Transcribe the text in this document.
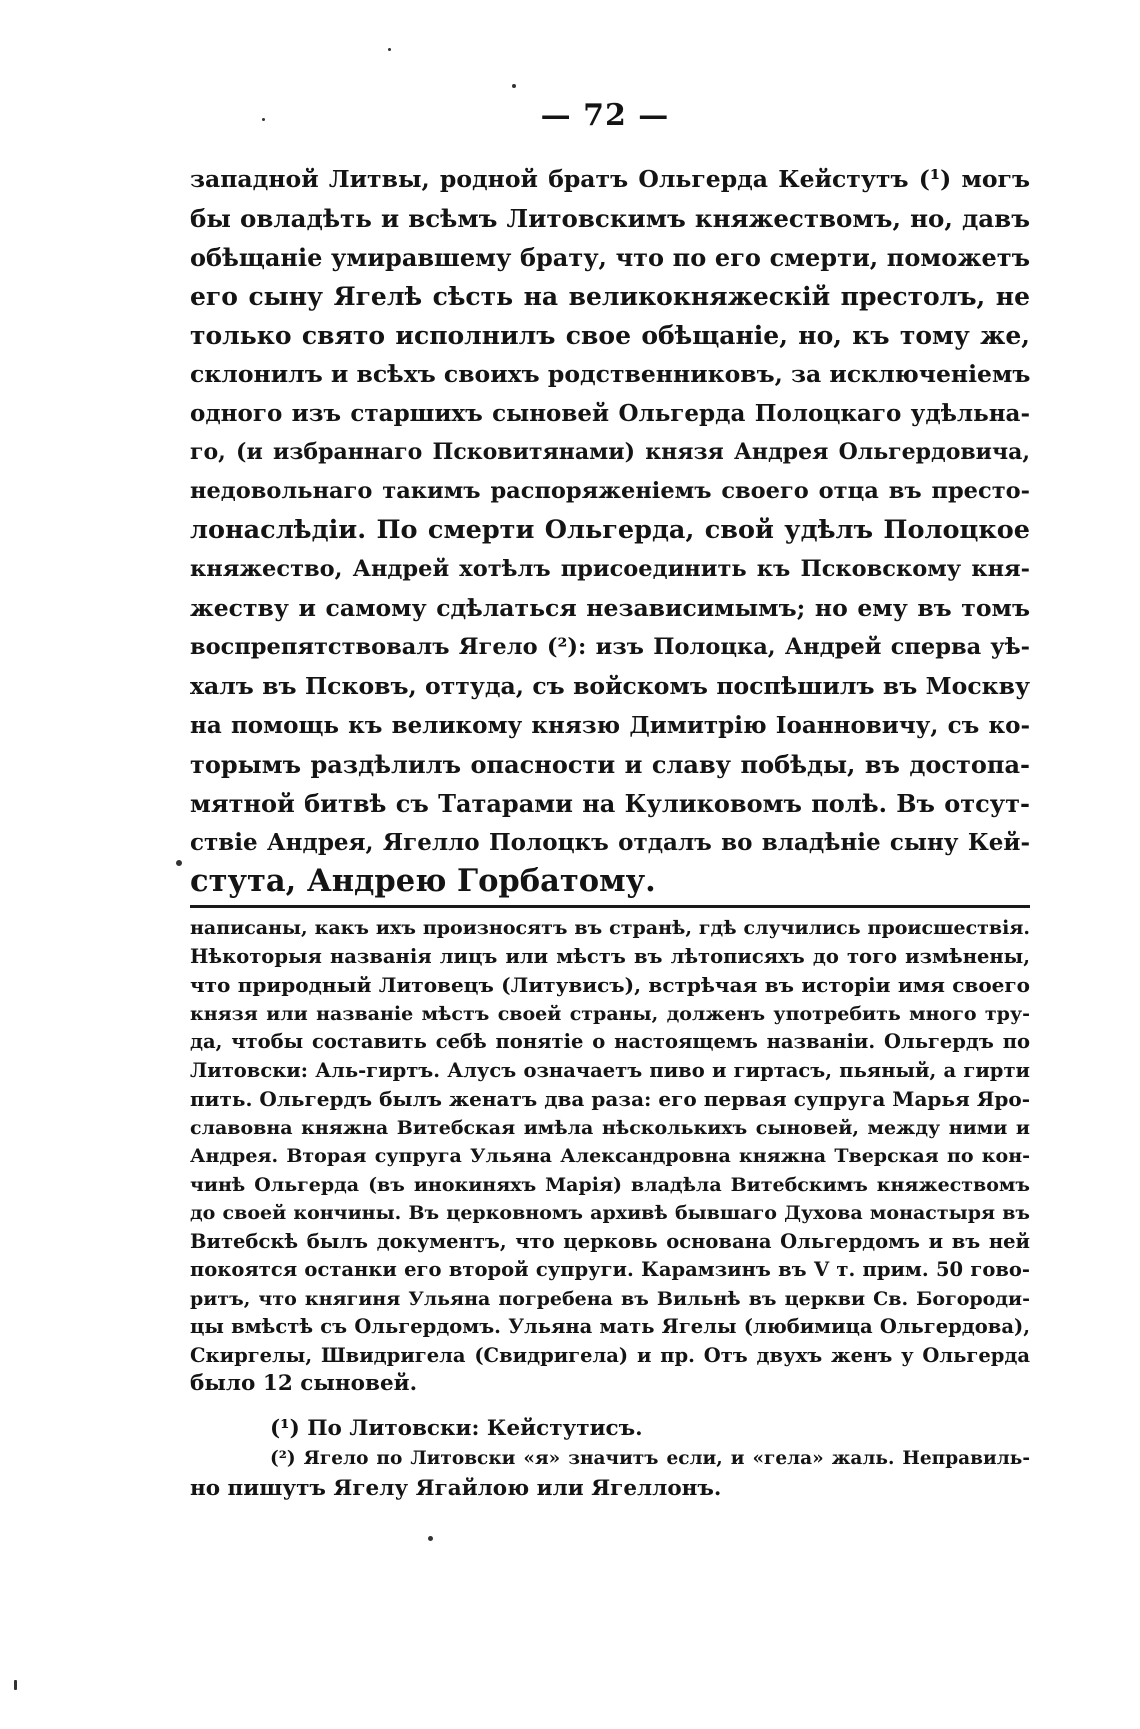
— 72 —
западной Литвы, родной братъ Ольгерда Кейстутъ (¹) могъ
бы овладѣть и всѣмъ Литовскимъ княжествомъ, но, давъ
обѣщаніе умиравшему брату, что по его смерти, поможетъ
его сыну Ягелѣ сѣсть на великокняжескій престолъ, не
только свято исполнилъ свое обѣщаніе, но, къ тому же,
склонилъ и всѣхъ своихъ родственниковъ, за исключеніемъ
одного изъ старшихъ сыновей Ольгерда Полоцкаго удѣльна-
го, (и избраннаго Псковитянами) князя Андрея Ольгердовича,
недовольнаго такимъ распоряженіемъ своего отца въ престо-
лонаслѣдіи. По смерти Ольгерда, свой удѣлъ Полоцкое
княжество, Андрей хотѣлъ присоединить къ Псковскому кня-
жеству и самому сдѣлаться независимымъ; но ему въ томъ
воспрепятствовалъ Ягело (²): изъ Полоцка, Андрей сперва уѣ-
халъ въ Псковъ, оттуда, съ войскомъ поспѣшилъ въ Москву
на помощь къ великому князю Димитрію Іоанновичу, съ ко-
торымъ раздѣлилъ опасности и славу побѣды, въ достопа-
мятной битвѣ съ Татарами на Куликовомъ полѣ. Въ отсут-
ствіе Андрея, Ягелло Полоцкъ отдалъ во владѣніе сыну Кей-
стута, Андрею Горбатому.
написаны, какъ ихъ произносятъ въ странѣ, гдѣ случились происшествія.
Нѣкоторыя названія лицъ или мѣстъ въ лѣтописяхъ до того измѣнены,
что природный Литовецъ (Литувисъ), встрѣчая въ исторіи имя своего
князя или названіе мѣстъ своей страны, долженъ употребить много тру-
да, чтобы составить себѣ понятіе о настоящемъ названіи. Ольгердъ по
Литовски: Аль-гиртъ. Алусъ означаетъ пиво и гиртасъ, пьяный, а гирти
пить. Ольгердъ былъ женатъ два раза: его первая супруга Марья Яро-
славовна княжна Витебская имѣла нѣсколькихъ сыновей, между ними и
Андрея. Вторая супруга Ульяна Александровна княжна Тверская по кон-
чинѣ Ольгерда (въ инокиняхъ Марія) владѣла Витебскимъ княжествомъ
до своей кончины. Въ церковномъ архивѣ бывшаго Духова монастыря въ
Витебскѣ былъ документъ, что церковь основана Ольгердомъ и въ ней
покоятся останки его второй супруги. Карамзинъ въ V т. прим. 50 гово-
ритъ, что княгиня Ульяна погребена въ Вильнѣ въ церкви Св. Богороди-
цы вмѣстѣ съ Ольгердомъ. Ульяна мать Ягелы (любимица Ольгердова),
Скиргелы, Швидригела (Свидригела) и пр. Отъ двухъ женъ у Ольгерда
было 12 сыновей.
(¹) По Литовски: Кейстутисъ.
(²) Ягело по Литовски «я» значитъ если, и «гела» жаль. Неправиль-
но пишутъ Ягелу Ягайлою или Ягеллонъ.
